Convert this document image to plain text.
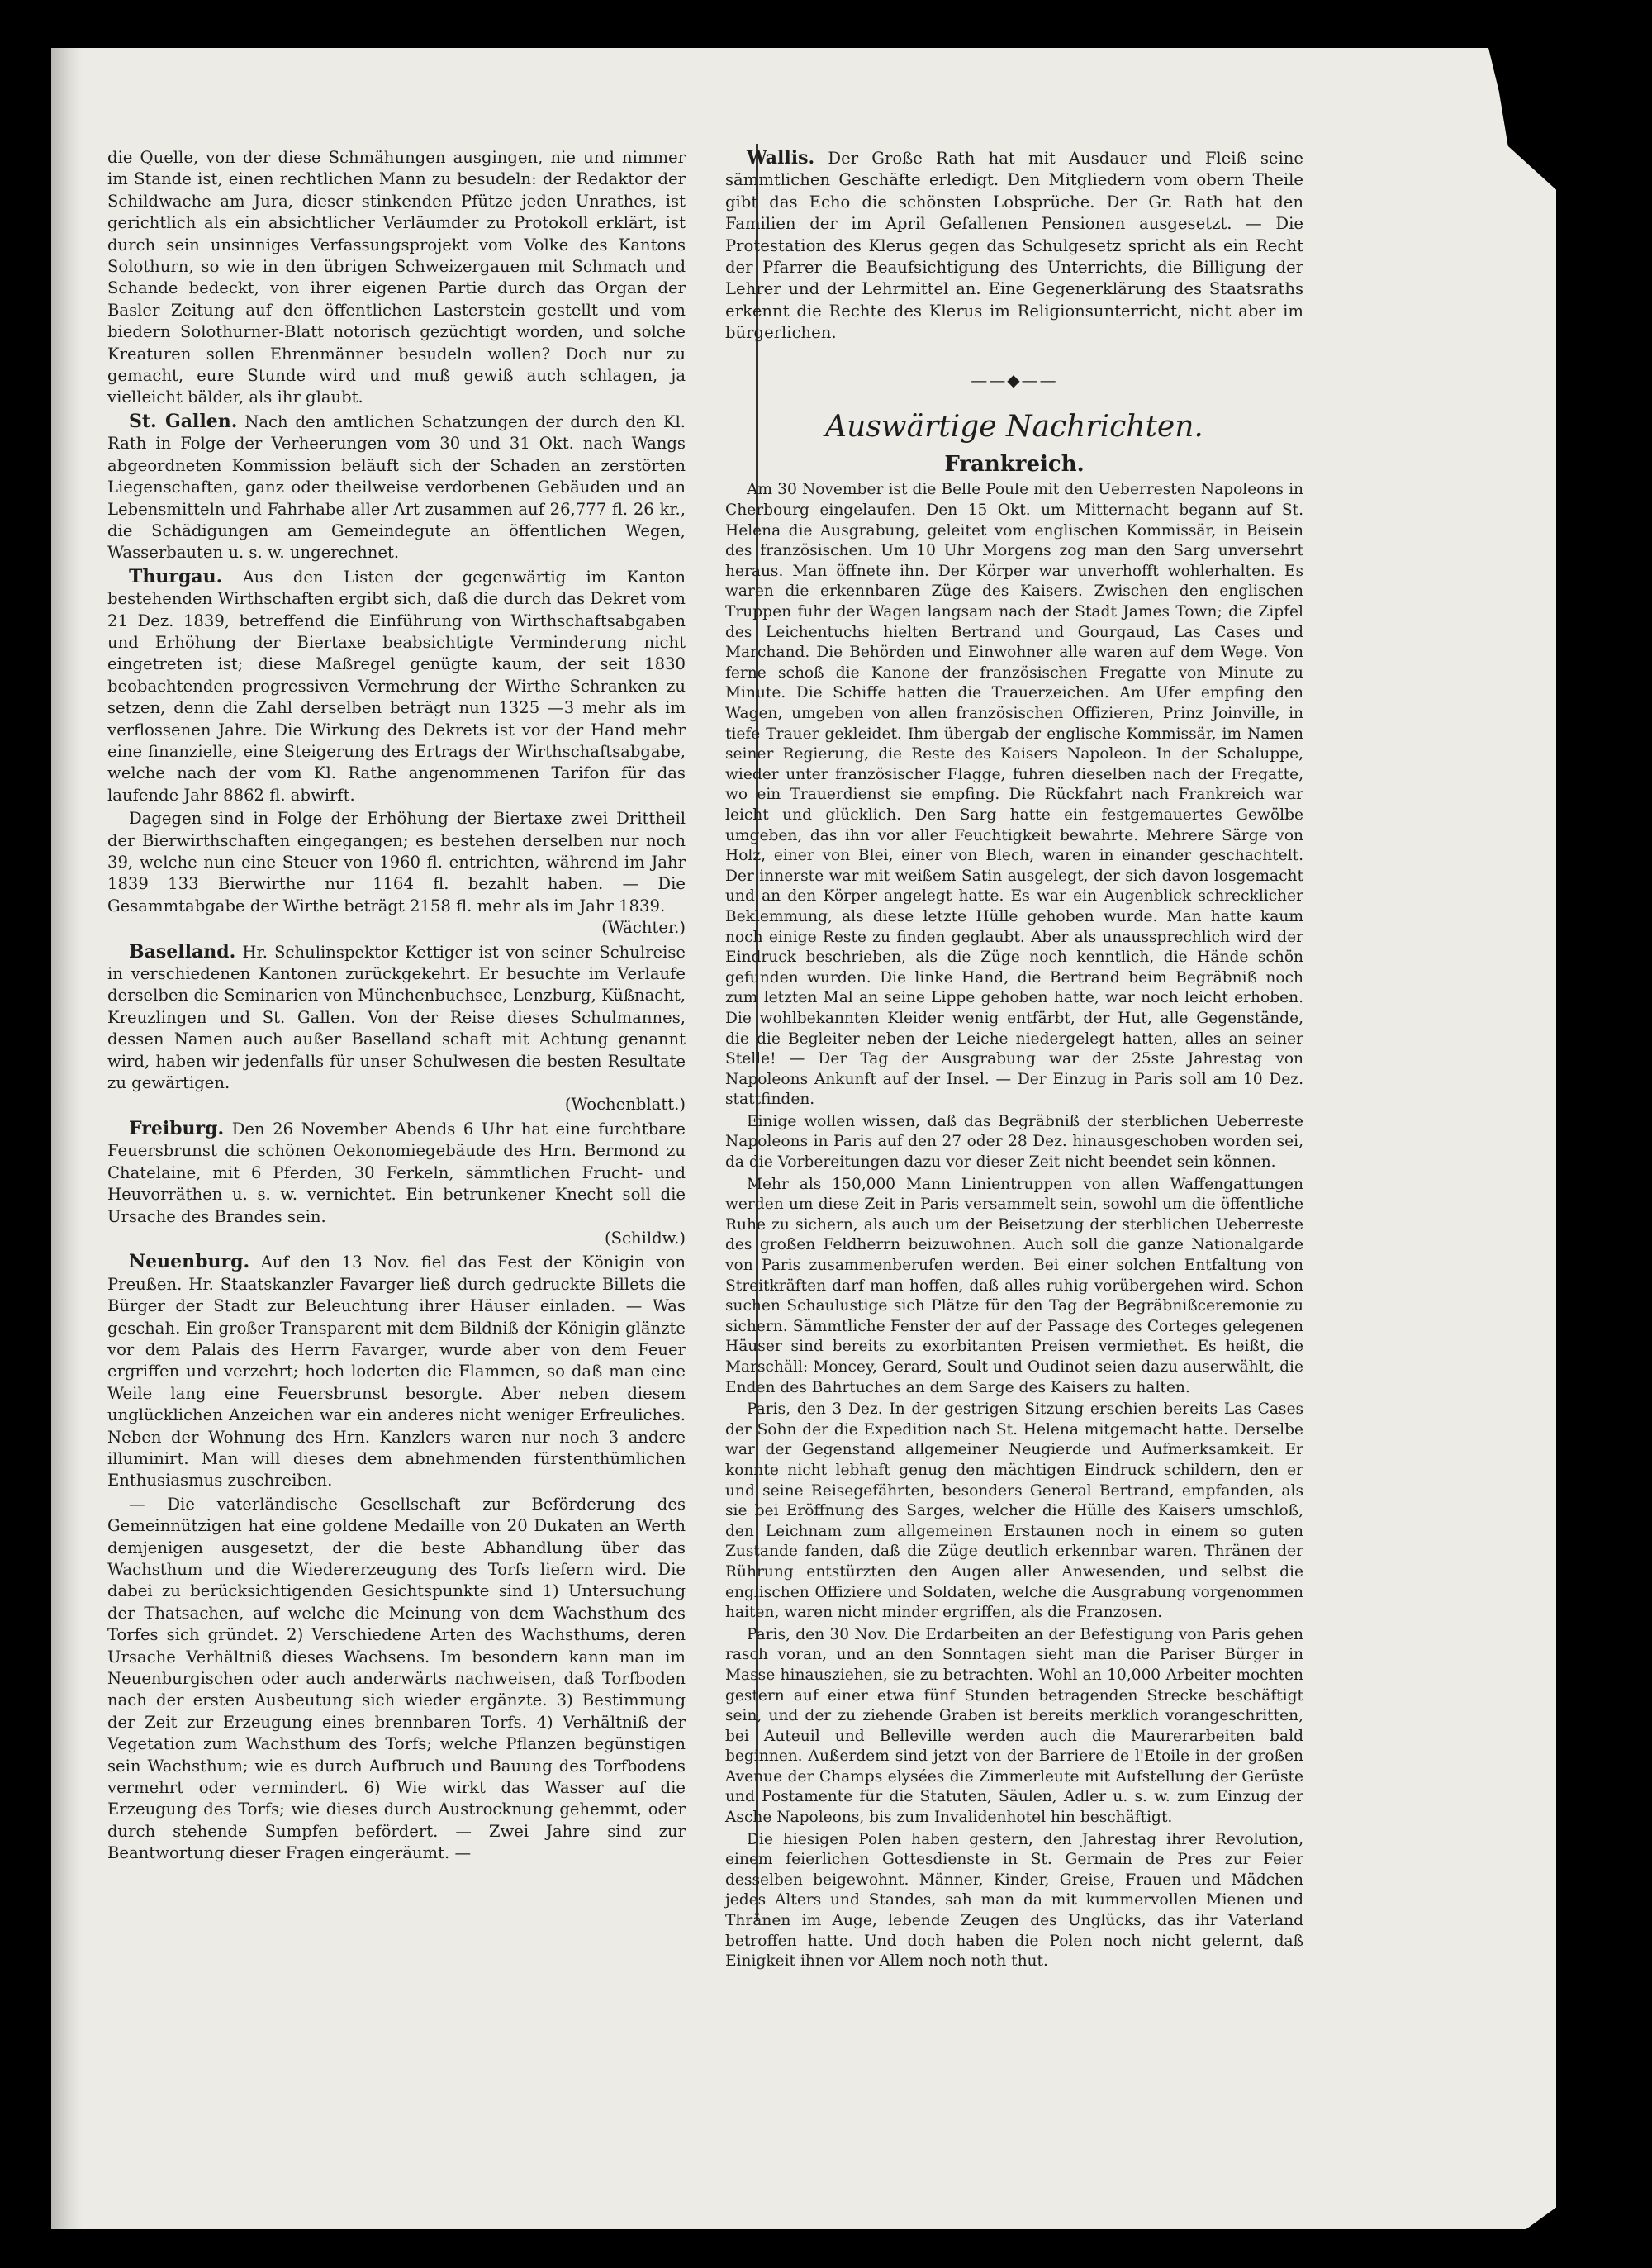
die Quelle, von der diese Schmähungen ausgingen, nie und nimmer im Stande ist, einen rechtlichen Mann zu besudeln: der Redaktor der Schildwache am Jura, dieser stinkenden Pfütze jeden Unrathes, ist gerichtlich als ein absichtlicher Verläumder zu Protokoll erklärt, ist durch sein unsinniges Verfassungsprojekt vom Volke des Kantons Solothurn, so wie in den übrigen Schweizergauen mit Schmach und Schande bedeckt, von ihrer eigenen Partie durch das Organ der Basler Zeitung auf den öffentlichen Lasterstein gestellt und vom biedern Solothurner-Blatt notorisch gezüchtigt worden, und solche Kreaturen sollen Ehrenmänner besudeln wollen? Doch nur zu gemacht, eure Stunde wird und muß gewiß auch schlagen, ja vielleicht bälder, als ihr glaubt.

St. Gallen. Nach den amtlichen Schatzungen der durch den Kl. Rath in Folge der Verheerungen vom 30 und 31 Okt. nach Wangs abgeordneten Kommission beläuft sich der Schaden an zerstörten Liegenschaften, ganz oder theilweise verdorbenen Gebäuden und an Lebensmitteln und Fahrhabe aller Art zusammen auf 26,777 fl. 26 kr., die Schädigungen am Gemeindegute an öffentlichen Wegen, Wasserbauten u. s. w. ungerechnet.

Thurgau. Aus den Listen der gegenwärtig im Kanton bestehenden Wirthschaften ergibt sich, daß die durch das Dekret vom 21 Dez. 1839, betreffend die Einführung von Wirthschaftsabgaben und Erhöhung der Biertaxe beabsichtigte Verminderung nicht eingetreten ist; diese Maßregel genügte kaum, der seit 1830 beobachtenden progressiven Vermehrung der Wirthe Schranken zu setzen, denn die Zahl derselben beträgt nun 1325 —3 mehr als im verflossenen Jahre. Die Wirkung des Dekrets ist vor der Hand mehr eine finanzielle, eine Steigerung des Ertrags der Wirthschaftsabgabe, welche nach der vom Kl. Rathe angenommenen Tarifon für das laufende Jahr 8862 fl. abwirft.

Dagegen sind in Folge der Erhöhung der Biertaxe zwei Drittheil der Bierwirthschaften eingegangen; es bestehen derselben nur noch 39, welche nun eine Steuer von 1960 fl. entrichten, während im Jahr 1839 133 Bierwirthe nur 1164 fl. bezahlt haben. — Die Gesammtabgabe der Wirthe beträgt 2158 fl. mehr als im Jahr 1839.
(Wächter.)

Baselland. Hr. Schulinspektor Kettiger ist von seiner Schulreise in verschiedenen Kantonen zurückgekehrt. Er besuchte im Verlaufe derselben die Seminarien von Münchenbuchsee, Lenzburg, Küßnacht, Kreuzlingen und St. Gallen. Von der Reise dieses Schulmannes, dessen Namen auch außer Baselland schaft mit Achtung genannt wird, haben wir jedenfalls für unser Schulwesen die besten Resultate zu gewärtigen.
(Wochenblatt.)

Freiburg. Den 26 November Abends 6 Uhr hat eine furchtbare Feuersbrunst die schönen Oekonomiegebäude des Hrn. Bermond zu Chatelaine, mit 6 Pferden, 30 Ferkeln, sämmtlichen Frucht- und Heuvorräthen u. s. w. vernichtet. Ein betrunkener Knecht soll die Ursache des Brandes sein.
(Schildw.)

Neuenburg. Auf den 13 Nov. fiel das Fest der Königin von Preußen. Hr. Staatskanzler Favarger ließ durch gedruckte Billets die Bürger der Stadt zur Beleuchtung ihrer Häuser einladen. — Was geschah. Ein großer Transparent mit dem Bildniß der Königin glänzte vor dem Palais des Herrn Favarger, wurde aber von dem Feuer ergriffen und verzehrt; hoch loderten die Flammen, so daß man eine Weile lang eine Feuersbrunst besorgte. Aber neben diesem unglücklichen Anzeichen war ein anderes nicht weniger Erfreuliches. Neben der Wohnung des Hrn. Kanzlers waren nur noch 3 andere illuminirt. Man will dieses dem abnehmenden fürstenthümlichen Enthusiasmus zuschreiben.

— Die vaterländische Gesellschaft zur Beförderung des Gemeinnützigen hat eine goldene Medaille von 20 Dukaten an Werth demjenigen ausgesetzt, der die beste Abhandlung über das Wachsthum und die Wiedererzeugung des Torfs liefern wird. Die dabei zu berücksichtigenden Gesichtspunkte sind 1) Untersuchung der Thatsachen, auf welche die Meinung von dem Wachsthum des Torfes sich gründet. 2) Verschiedene Arten des Wachsthums, deren Ursache Verhältniß dieses Wachsens. Im besondern kann man im Neuenburgischen oder auch anderwärts nachweisen, daß Torfboden nach der ersten Ausbeutung sich wieder ergänzte. 3) Bestimmung der Zeit zur Erzeugung eines brennbaren Torfs. 4) Verhältniß der Vegetation zum Wachsthum des Torfs; welche Pflanzen begünstigen sein Wachsthum; wie es durch Aufbruch und Bauung des Torfbodens vermehrt oder vermindert. 6) Wie wirkt das Wasser auf die Erzeugung des Torfs; wie dieses durch Austrocknung gehemmt, oder durch stehende Sumpfen befördert. — Zwei Jahre sind zur Beantwortung dieser Fragen eingeräumt. —

Wallis. Der Große Rath hat mit Ausdauer und Fleiß seine sämmtlichen Geschäfte erledigt. Den Mitgliedern vom obern Theile gibt das Echo die schönsten Lobsprüche. Der Gr. Rath hat den Familien der im April Gefallenen Pensionen ausgesetzt. — Die Protestation des Klerus gegen das Schulgesetz spricht als ein Recht der Pfarrer die Beaufsichtigung des Unterrichts, die Billigung der Lehrer und der Lehrmittel an. Eine Gegenerklärung des Staatsraths erkennt die Rechte des Klerus im Religionsunterricht, nicht aber im bürgerlichen.

——◆——
Auswärtige Nachrichten.
Frankreich.

Am 30 November ist die Belle Poule mit den Ueberresten Napoleons in Cherbourg eingelaufen. Den 15 Okt. um Mitternacht begann auf St. Helena die Ausgrabung, geleitet vom englischen Kommissär, in Beisein des französischen. Um 10 Uhr Morgens zog man den Sarg unversehrt heraus. Man öffnete ihn. Der Körper war unverhofft wohlerhalten. Es waren die erkennbaren Züge des Kaisers. Zwischen den englischen Truppen fuhr der Wagen langsam nach der Stadt James Town; die Zipfel des Leichentuchs hielten Bertrand und Gourgaud, Las Cases und Marchand. Die Behörden und Einwohner alle waren auf dem Wege. Von ferne schoß die Kanone der französischen Fregatte von Minute zu Minute. Die Schiffe hatten die Trauerzeichen. Am Ufer empfing den Wagen, umgeben von allen französischen Offizieren, Prinz Joinville, in tiefe Trauer gekleidet. Ihm übergab der englische Kommissär, im Namen seiner Regierung, die Reste des Kaisers Napoleon. In der Schaluppe, wieder unter französischer Flagge, fuhren dieselben nach der Fregatte, wo ein Trauerdienst sie empfing. Die Rückfahrt nach Frankreich war leicht und glücklich. Den Sarg hatte ein festgemauertes Gewölbe umgeben, das ihn vor aller Feuchtigkeit bewahrte. Mehrere Särge von Holz, einer von Blei, einer von Blech, waren in einander geschachtelt. Der innerste war mit weißem Satin ausgelegt, der sich davon losgemacht und an den Körper angelegt hatte. Es war ein Augenblick schrecklicher Beklemmung, als diese letzte Hülle gehoben wurde. Man hatte kaum noch einige Reste zu finden geglaubt. Aber als unaussprechlich wird der Eindruck beschrieben, als die Züge noch kenntlich, die Hände schön gefunden wurden. Die linke Hand, die Bertrand beim Begräbniß noch zum letzten Mal an seine Lippe gehoben hatte, war noch leicht erhoben. Die wohlbekannten Kleider wenig entfärbt, der Hut, alle Gegenstände, die die Begleiter neben der Leiche niedergelegt hatten, alles an seiner Stelle! — Der Tag der Ausgrabung war der 25ste Jahrestag von Napoleons Ankunft auf der Insel. — Der Einzug in Paris soll am 10 Dez. stattfinden.

Einige wollen wissen, daß das Begräbniß der sterblichen Ueberreste Napoleons in Paris auf den 27 oder 28 Dez. hinausgeschoben worden sei, da die Vorbereitungen dazu vor dieser Zeit nicht beendet sein können.

Mehr als 150,000 Mann Linientruppen von allen Waffengattungen werden um diese Zeit in Paris versammelt sein, sowohl um die öffentliche Ruhe zu sichern, als auch um der Beisetzung der sterblichen Ueberreste des großen Feldherrn beizuwohnen. Auch soll die ganze Nationalgarde von Paris zusammenberufen werden. Bei einer solchen Entfaltung von Streitkräften darf man hoffen, daß alles ruhig vorübergehen wird. Schon suchen Schaulustige sich Plätze für den Tag der Begräbnißceremonie zu sichern. Sämmtliche Fenster der auf der Passage des Corteges gelegenen Häuser sind bereits zu exorbitanten Preisen vermiethet. Es heißt, die Marschäll: Moncey, Gerard, Soult und Oudinot seien dazu auserwählt, die Enden des Bahrtuches an dem Sarge des Kaisers zu halten.

Paris, den 3 Dez. In der gestrigen Sitzung erschien bereits Las Cases der Sohn der die Expedition nach St. Helena mitgemacht hatte. Derselbe war der Gegenstand allgemeiner Neugierde und Aufmerksamkeit. Er konnte nicht lebhaft genug den mächtigen Eindruck schildern, den er und seine Reisegefährten, besonders General Bertrand, empfanden, als sie bei Eröffnung des Sarges, welcher die Hülle des Kaisers umschloß, den Leichnam zum allgemeinen Erstaunen noch in einem so guten Zustande fanden, daß die Züge deutlich erkennbar waren. Thränen der Rührung entstürzten den Augen aller Anwesenden, und selbst die englischen Offiziere und Soldaten, welche die Ausgrabung vorgenommen haiten, waren nicht minder ergriffen, als die Franzosen.

Paris, den 30 Nov. Die Erdarbeiten an der Befestigung von Paris gehen rasch voran, und an den Sonntagen sieht man die Pariser Bürger in Masse hinausziehen, sie zu betrachten. Wohl an 10,000 Arbeiter mochten gestern auf einer etwa fünf Stunden betragenden Strecke beschäftigt sein, und der zu ziehende Graben ist bereits merklich vorangeschritten, bei Auteuil und Belleville werden auch die Maurerarbeiten bald beginnen. Außerdem sind jetzt von der Barriere de l'Etoile in der großen Avenue der Champs elysées die Zimmerleute mit Aufstellung der Gerüste und Postamente für die Statuten, Säulen, Adler u. s. w. zum Einzug der Asche Napoleons, bis zum Invalidenhotel hin beschäftigt.

Die hiesigen Polen haben gestern, den Jahrestag ihrer Revolution, einem feierlichen Gottesdienste in St. Germain de Pres zur Feier desselben beigewohnt. Männer, Kinder, Greise, Frauen und Mädchen jedes Alters und Standes, sah man da mit kummervollen Mienen und Thränen im Auge, lebende Zeugen des Unglücks, das ihr Vaterland betroffen hatte. Und doch haben die Polen noch nicht gelernt, daß Einigkeit ihnen vor Allem noch noth thut.
